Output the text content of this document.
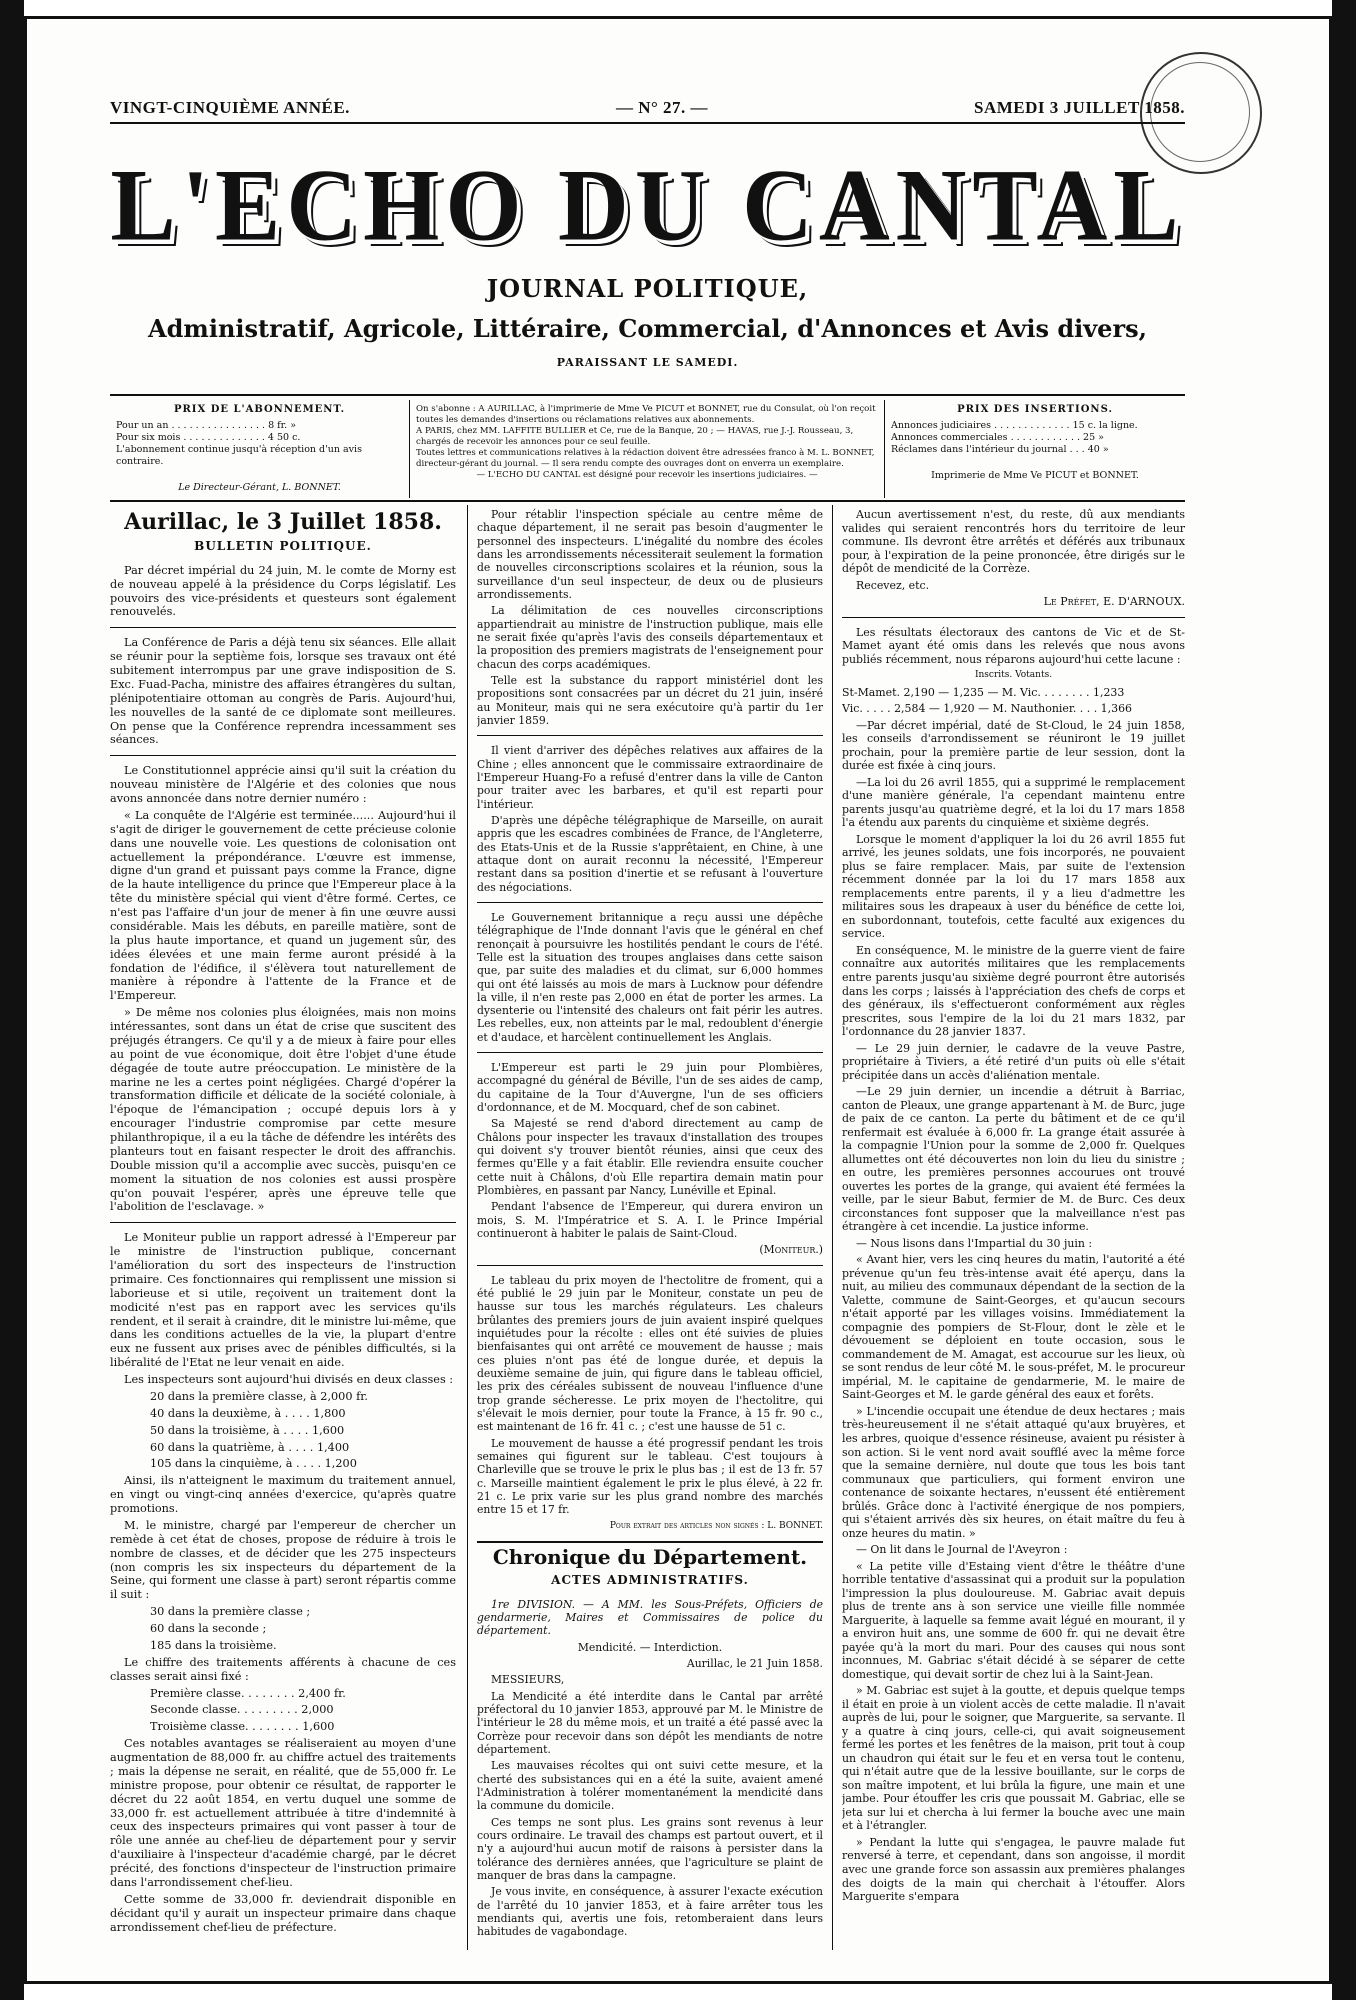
VINGT-CINQUIÈME ANNÉE.	— N° 27. —	SAMEDI 3 JUILLET 1858.
L'ECHO DU CANTAL
JOURNAL POLITIQUE,
Administratif, Agricole, Littéraire, Commercial, d'Annonces et Avis divers,
PARAISSANT LE SAMEDI.
PRIX DE L'ABONNEMENT.

Pour un an . . . . . . . . . . . . . . . . 8 fr. »

Pour six mois . . . . . . . . . . . . . . 4 50 c.

L'abonnement continue jusqu'à réception d'un avis contraire.

Le Directeur-Gérant, L. BONNET.

On s'abonne : A AURILLAC, à l'imprimerie de Mme Ve PICUT et BONNET, rue du Consulat, où l'on reçoit toutes les demandes d'insertions ou réclamations relatives aux abonnements.

A PARIS, chez MM. LAFFITE BULLIER et Ce, rue de la Banque, 20 ; — HAVAS, rue J.-J. Rousseau, 3, chargés de recevoir les annonces pour ce seul feuille.

Toutes lettres et communications relatives à la rédaction doivent être adressées franco à M. L. BONNET, directeur-gérant du journal. — Il sera rendu compte des ouvrages dont on enverra un exemplaire.

— L'ECHO DU CANTAL est désigné pour recevoir les insertions judiciaires. —

PRIX DES INSERTIONS.

Annonces judiciaires . . . . . . . . . . . . . 15 c. la ligne.

Annonces commerciales . . . . . . . . . . . . 25 »

Réclames dans l'intérieur du journal . . . 40 »

Imprimerie de Mme Ve PICUT et BONNET.

Aurillac, le 3 Juillet 1858.

BULLETIN POLITIQUE.

Par décret impérial du 24 juin, M. le comte de Morny est de nouveau appelé à la présidence du Corps législatif. Les pouvoirs des vice-présidents et questeurs sont également renouvelés.

La Conférence de Paris a déjà tenu six séances. Elle allait se réunir pour la septième fois, lorsque ses travaux ont été subitement interrompus par une grave indisposition de S. Exc. Fuad-Pacha, ministre des affaires étrangères du sultan, plénipotentiaire ottoman au congrès de Paris. Aujourd'hui, les nouvelles de la santé de ce diplomate sont meilleures. On pense que la Conférence reprendra incessamment ses séances.

Le Constitutionnel apprécie ainsi qu'il suit la création du nouveau ministère de l'Algérie et des colonies que nous avons annoncée dans notre dernier numéro :

« La conquête de l'Algérie est terminée...... Aujourd'hui il s'agit de diriger le gouvernement de cette précieuse colonie dans une nouvelle voie. Les questions de colonisation ont actuellement la prépondérance. L'œuvre est immense, digne d'un grand et puissant pays comme la France, digne de la haute intelligence du prince que l'Empereur place à la tête du ministère spécial qui vient d'être formé. Certes, ce n'est pas l'affaire d'un jour de mener à fin une œuvre aussi considérable. Mais les débuts, en pareille matière, sont de la plus haute importance, et quand un jugement sûr, des idées élevées et une main ferme auront présidé à la fondation de l'édifice, il s'élèvera tout naturellement de manière à répondre à l'attente de la France et de l'Empereur.

» De même nos colonies plus éloignées, mais non moins intéressantes, sont dans un état de crise que suscitent des préjugés étrangers. Ce qu'il y a de mieux à faire pour elles au point de vue économique, doit être l'objet d'une étude dégagée de toute autre préoccupation. Le ministère de la marine ne les a certes point négligées. Chargé d'opérer la transformation difficile et délicate de la société coloniale, à l'époque de l'émancipation ; occupé depuis lors à y encourager l'industrie compromise par cette mesure philanthropique, il a eu la tâche de défendre les intérêts des planteurs tout en faisant respecter le droit des affranchis. Double mission qu'il a accomplie avec succès, puisqu'en ce moment la situation de nos colonies est aussi prospère qu'on pouvait l'espérer, après une épreuve telle que l'abolition de l'esclavage. »

Le Moniteur publie un rapport adressé à l'Empereur par le ministre de l'instruction publique, concernant l'amélioration du sort des inspecteurs de l'instruction primaire. Ces fonctionnaires qui remplissent une mission si laborieuse et si utile, reçoivent un traitement dont la modicité n'est pas en rapport avec les services qu'ils rendent, et il serait à craindre, dit le ministre lui-même, que dans les conditions actuelles de la vie, la plupart d'entre eux ne fussent aux prises avec de pénibles difficultés, si la libéralité de l'Etat ne leur venait en aide.

Les inspecteurs sont aujourd'hui divisés en deux classes :

20 dans la première classe, à 2,000 fr.

40 dans la deuxième, à . . . . 1,800

50 dans la troisième, à . . . . 1,600

60 dans la quatrième, à . . . . 1,400

105 dans la cinquième, à . . . . 1,200

Ainsi, ils n'atteignent le maximum du traitement annuel, en vingt ou vingt-cinq années d'exercice, qu'après quatre promotions.

M. le ministre, chargé par l'empereur de chercher un remède à cet état de choses, propose de réduire à trois le nombre de classes, et de décider que les 275 inspecteurs (non compris les six inspecteurs du département de la Seine, qui forment une classe à part) seront répartis comme il suit :

30 dans la première classe ;

60 dans la seconde ;

185 dans la troisième.

Le chiffre des traitements afférents à chacune de ces classes serait ainsi fixé :

Première classe. . . . . . . . 2,400 fr.

Seconde classe. . . . . . . . . 2,000

Troisième classe. . . . . . . . 1,600

Ces notables avantages se réaliseraient au moyen d'une augmentation de 88,000 fr. au chiffre actuel des traitements ; mais la dépense ne serait, en réalité, que de 55,000 fr. Le ministre propose, pour obtenir ce résultat, de rapporter le décret du 22 août 1854, en vertu duquel une somme de 33,000 fr. est actuellement attribuée à titre d'indemnité à ceux des inspecteurs primaires qui vont passer à tour de rôle une année au chef-lieu de département pour y servir d'auxiliaire à l'inspecteur d'académie chargé, par le décret précité, des fonctions d'inspecteur de l'instruction primaire dans l'arrondissement chef-lieu.

Cette somme de 33,000 fr. deviendrait disponible en décidant qu'il y aurait un inspecteur primaire dans chaque arrondissement chef-lieu de préfecture.

Pour rétablir l'inspection spéciale au centre même de chaque département, il ne serait pas besoin d'augmenter le personnel des inspecteurs. L'inégalité du nombre des écoles dans les arrondissements nécessiterait seulement la formation de nouvelles circonscriptions scolaires et la réunion, sous la surveillance d'un seul inspecteur, de deux ou de plusieurs arrondissements.

La délimitation de ces nouvelles circonscriptions appartiendrait au ministre de l'instruction publique, mais elle ne serait fixée qu'après l'avis des conseils départementaux et la proposition des premiers magistrats de l'enseignement pour chacun des corps académiques.

Telle est la substance du rapport ministériel dont les propositions sont consacrées par un décret du 21 juin, inséré au Moniteur, mais qui ne sera exécutoire qu'à partir du 1er janvier 1859.

Il vient d'arriver des dépêches relatives aux affaires de la Chine ; elles annoncent que le commissaire extraordinaire de l'Empereur Huang-Fo a refusé d'entrer dans la ville de Canton pour traiter avec les barbares, et qu'il est reparti pour l'intérieur.

D'après une dépêche télégraphique de Marseille, on aurait appris que les escadres combinées de France, de l'Angleterre, des Etats-Unis et de la Russie s'apprêtaient, en Chine, à une attaque dont on aurait reconnu la nécessité, l'Empereur restant dans sa position d'inertie et se refusant à l'ouverture des négociations.

Le Gouvernement britannique a reçu aussi une dépêche télégraphique de l'Inde donnant l'avis que le général en chef renonçait à poursuivre les hostilités pendant le cours de l'été. Telle est la situation des troupes anglaises dans cette saison que, par suite des maladies et du climat, sur 6,000 hommes qui ont été laissés au mois de mars à Lucknow pour défendre la ville, il n'en reste pas 2,000 en état de porter les armes. La dysenterie ou l'intensité des chaleurs ont fait périr les autres. Les rebelles, eux, non atteints par le mal, redoublent d'énergie et d'audace, et harcèlent continuellement les Anglais.

L'Empereur est parti le 29 juin pour Plombières, accompagné du général de Béville, l'un de ses aides de camp, du capitaine de la Tour d'Auvergne, l'un de ses officiers d'ordonnance, et de M. Mocquard, chef de son cabinet.

Sa Majesté se rend d'abord directement au camp de Châlons pour inspecter les travaux d'installation des troupes qui doivent s'y trouver bientôt réunies, ainsi que ceux des fermes qu'Elle y a fait établir. Elle reviendra ensuite coucher cette nuit à Châlons, d'où Elle repartira demain matin pour Plombières, en passant par Nancy, Lunéville et Epinal.

Pendant l'absence de l'Empereur, qui durera environ un mois, S. M. l'Impératrice et S. A. I. le Prince Impérial continueront à habiter le palais de Saint-Cloud.

(Moniteur.)

Le tableau du prix moyen de l'hectolitre de froment, qui a été publié le 29 juin par le Moniteur, constate un peu de hausse sur tous les marchés régulateurs. Les chaleurs brûlantes des premiers jours de juin avaient inspiré quelques inquiétudes pour la récolte : elles ont été suivies de pluies bienfaisantes qui ont arrêté ce mouvement de hausse ; mais ces pluies n'ont pas été de longue durée, et depuis la deuxième semaine de juin, qui figure dans le tableau officiel, les prix des céréales subissent de nouveau l'influence d'une trop grande sécheresse. Le prix moyen de l'hectolitre, qui s'élevait le mois dernier, pour toute la France, à 15 fr. 90 c., est maintenant de 16 fr. 41 c. ; c'est une hausse de 51 c.

Le mouvement de hausse a été progressif pendant les trois semaines qui figurent sur le tableau. C'est toujours à Charleville que se trouve le prix le plus bas ; il est de 13 fr. 57 c. Marseille maintient également le prix le plus élevé, à 22 fr. 21 c. Le prix varie sur les plus grand nombre des marchés entre 15 et 17 fr.

Pour extrait des articles non signés : L. BONNET.

Chronique du Département.

ACTES ADMINISTRATIFS.

1re DIVISION. — A MM. les Sous-Préfets, Officiers de gendarmerie, Maires et Commissaires de police du département.

Mendicité. — Interdiction.

Aurillac, le 21 Juin 1858.

MESSIEURS,

La Mendicité a été interdite dans le Cantal par arrêté préfectoral du 10 janvier 1853, approuvé par M. le Ministre de l'intérieur le 28 du même mois, et un traité a été passé avec la Corrèze pour recevoir dans son dépôt les mendiants de notre département.

Les mauvaises récoltes qui ont suivi cette mesure, et la cherté des subsistances qui en a été la suite, avaient amené l'Administration à tolérer momentanément la mendicité dans la commune du domicile.

Ces temps ne sont plus. Les grains sont revenus à leur cours ordinaire. Le travail des champs est partout ouvert, et il n'y a aujourd'hui aucun motif de raisons à persister dans la tolérance des dernières années, que l'agriculture se plaint de manquer de bras dans la campagne.

Je vous invite, en conséquence, à assurer l'exacte exécution de l'arrêté du 10 janvier 1853, et à faire arrêter tous les mendiants qui, avertis une fois, retomberaient dans leurs habitudes de vagabondage.

Aucun avertissement n'est, du reste, dû aux mendiants valides qui seraient rencontrés hors du territoire de leur commune. Ils devront être arrêtés et déférés aux tribunaux pour, à l'expiration de la peine prononcée, être dirigés sur le dépôt de mendicité de la Corrèze.

Recevez, etc.

Le Préfet, E. D'ARNOUX.

Les résultats électoraux des cantons de Vic et de St-Mamet ayant été omis dans les relevés que nous avons publiés récemment, nous réparons aujourd'hui cette lacune :

Inscrits. Votants.

St-Mamet. 2,190 — 1,235 — M. Vic. . . . . . . . 1,233

Vic. . . . . 2,584 — 1,920 — M. Nauthonier. . . . 1,366

—Par décret impérial, daté de St-Cloud, le 24 juin 1858, les conseils d'arrondissement se réuniront le 19 juillet prochain, pour la première partie de leur session, dont la durée est fixée à cinq jours.

—La loi du 26 avril 1855, qui a supprimé le remplacement d'une manière générale, l'a cependant maintenu entre parents jusqu'au quatrième degré, et la loi du 17 mars 1858 l'a étendu aux parents du cinquième et sixième degrés.

Lorsque le moment d'appliquer la loi du 26 avril 1855 fut arrivé, les jeunes soldats, une fois incorporés, ne pouvaient plus se faire remplacer. Mais, par suite de l'extension récemment donnée par la loi du 17 mars 1858 aux remplacements entre parents, il y a lieu d'admettre les militaires sous les drapeaux à user du bénéfice de cette loi, en subordonnant, toutefois, cette faculté aux exigences du service.

En conséquence, M. le ministre de la guerre vient de faire connaître aux autorités militaires que les remplacements entre parents jusqu'au sixième degré pourront être autorisés dans les corps ; laissés à l'appréciation des chefs de corps et des généraux, ils s'effectueront conformément aux règles prescrites, sous l'empire de la loi du 21 mars 1832, par l'ordonnance du 28 janvier 1837.

— Le 29 juin dernier, le cadavre de la veuve Pastre, propriétaire à Tiviers, a été retiré d'un puits où elle s'était précipitée dans un accès d'aliénation mentale.

—Le 29 juin dernier, un incendie a détruit à Barriac, canton de Pleaux, une grange appartenant à M. de Burc, juge de paix de ce canton. La perte du bâtiment et de ce qu'il renfermait est évaluée à 6,000 fr. La grange était assurée à la compagnie l'Union pour la somme de 2,000 fr. Quelques allumettes ont été découvertes non loin du lieu du sinistre ; en outre, les premières personnes accourues ont trouvé ouvertes les portes de la grange, qui avaient été fermées la veille, par le sieur Babut, fermier de M. de Burc. Ces deux circonstances font supposer que la malveillance n'est pas étrangère à cet incendie. La justice informe.

— Nous lisons dans l'Impartial du 30 juin :

« Avant hier, vers les cinq heures du matin, l'autorité a été prévenue qu'un feu très-intense avait été aperçu, dans la nuit, au milieu des communaux dépendant de la section de la Valette, commune de Saint-Georges, et qu'aucun secours n'était apporté par les villages voisins. Immédiatement la compagnie des pompiers de St-Flour, dont le zèle et le dévouement se déploient en toute occasion, sous le commandement de M. Amagat, est accourue sur les lieux, où se sont rendus de leur côté M. le sous-préfet, M. le procureur impérial, M. le capitaine de gendarmerie, M. le maire de Saint-Georges et M. le garde général des eaux et forêts.

» L'incendie occupait une étendue de deux hectares ; mais très-heureusement il ne s'était attaqué qu'aux bruyères, et les arbres, quoique d'essence résineuse, avaient pu résister à son action. Si le vent nord avait soufflé avec la même force que la semaine dernière, nul doute que tous les bois tant communaux que particuliers, qui forment environ une contenance de soixante hectares, n'eussent été entièrement brûlés. Grâce donc à l'activité énergique de nos pompiers, qui s'étaient arrivés dès six heures, on était maître du feu à onze heures du matin. »

— On lit dans le Journal de l'Aveyron :

« La petite ville d'Estaing vient d'être le théâtre d'une horrible tentative d'assassinat qui a produit sur la population l'impression la plus douloureuse. M. Gabriac avait depuis plus de trente ans à son service une vieille fille nommée Marguerite, à laquelle sa femme avait légué en mourant, il y a environ huit ans, une somme de 600 fr. qui ne devait être payée qu'à la mort du mari. Pour des causes qui nous sont inconnues, M. Gabriac s'était décidé à se séparer de cette domestique, qui devait sortir de chez lui à la Saint-Jean.

» M. Gabriac est sujet à la goutte, et depuis quelque temps il était en proie à un violent accès de cette maladie. Il n'avait auprès de lui, pour le soigner, que Marguerite, sa servante. Il y a quatre à cinq jours, celle-ci, qui avait soigneusement fermé les portes et les fenêtres de la maison, prit tout à coup un chaudron qui était sur le feu et en versa tout le contenu, qui n'était autre que de la lessive bouillante, sur le corps de son maître impotent, et lui brûla la figure, une main et une jambe. Pour étouffer les cris que poussait M. Gabriac, elle se jeta sur lui et chercha à lui fermer la bouche avec une main et à l'étrangler.

» Pendant la lutte qui s'engagea, le pauvre malade fut renversé à terre, et cependant, dans son angoisse, il mordit avec une grande force son assassin aux premières phalanges des doigts de la main qui cherchait à l'étouffer. Alors Marguerite s'empara
